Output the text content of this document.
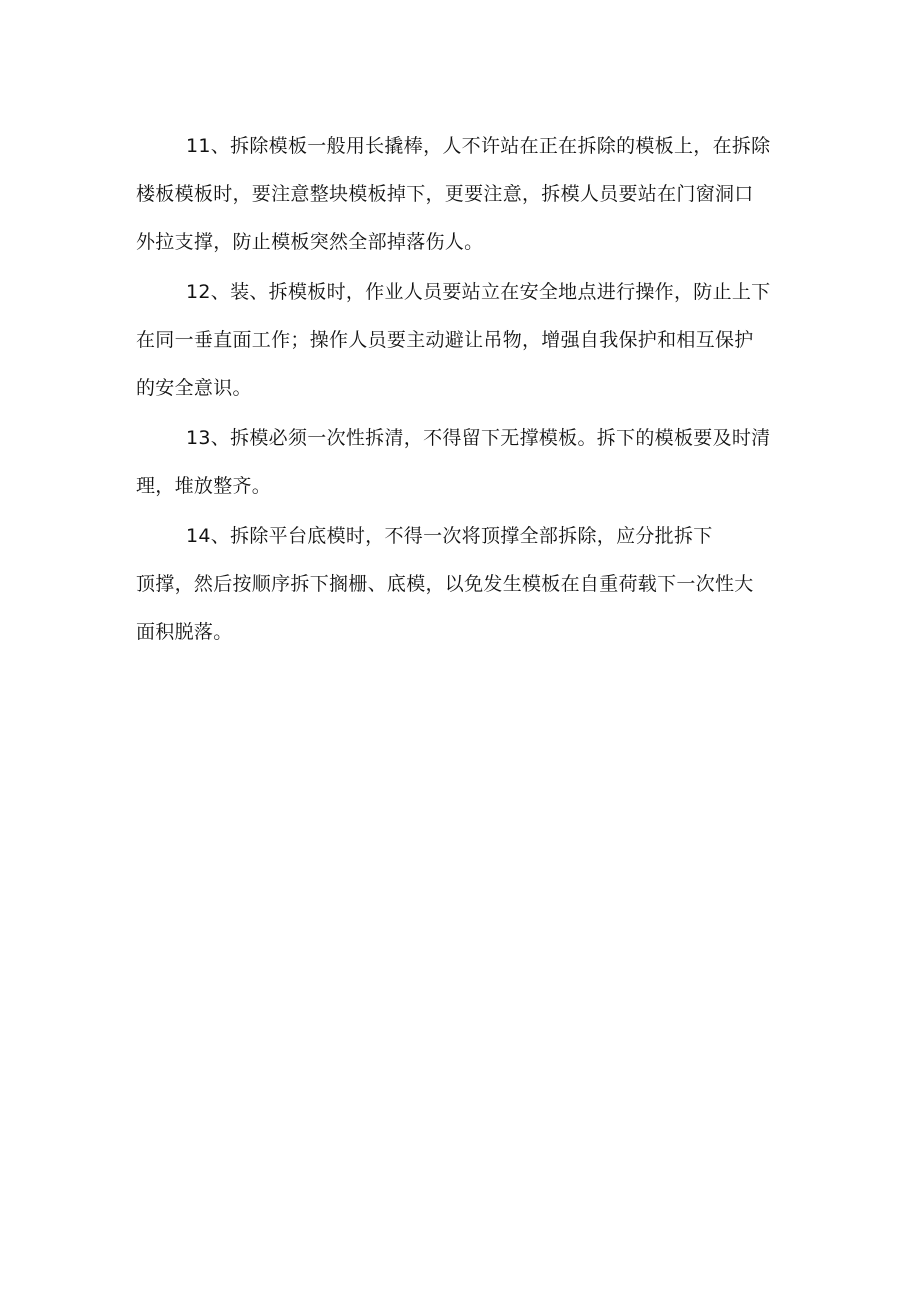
11、拆除模板一般用长撬棒，人不许站在正在拆除的模板上，在拆除
楼板模板时，要注意整块模板掉下，更要注意，拆模人员要站在门窗洞口
外拉支撑，防止模板突然全部掉落伤人。

12、装、拆模板时，作业人员要站立在安全地点进行操作，防止上下
在同一垂直面工作；操作人员要主动避让吊物，增强自我保护和相互保护
的安全意识。

13、拆模必须一次性拆清，不得留下无撑模板。拆下的模板要及时清
理，堆放整齐。

14、拆除平台底模时，不得一次将顶撑全部拆除，应分批拆下
顶撑，然后按顺序拆下搁栅、底模，以免发生模板在自重荷载下一次性大
面积脱落。
